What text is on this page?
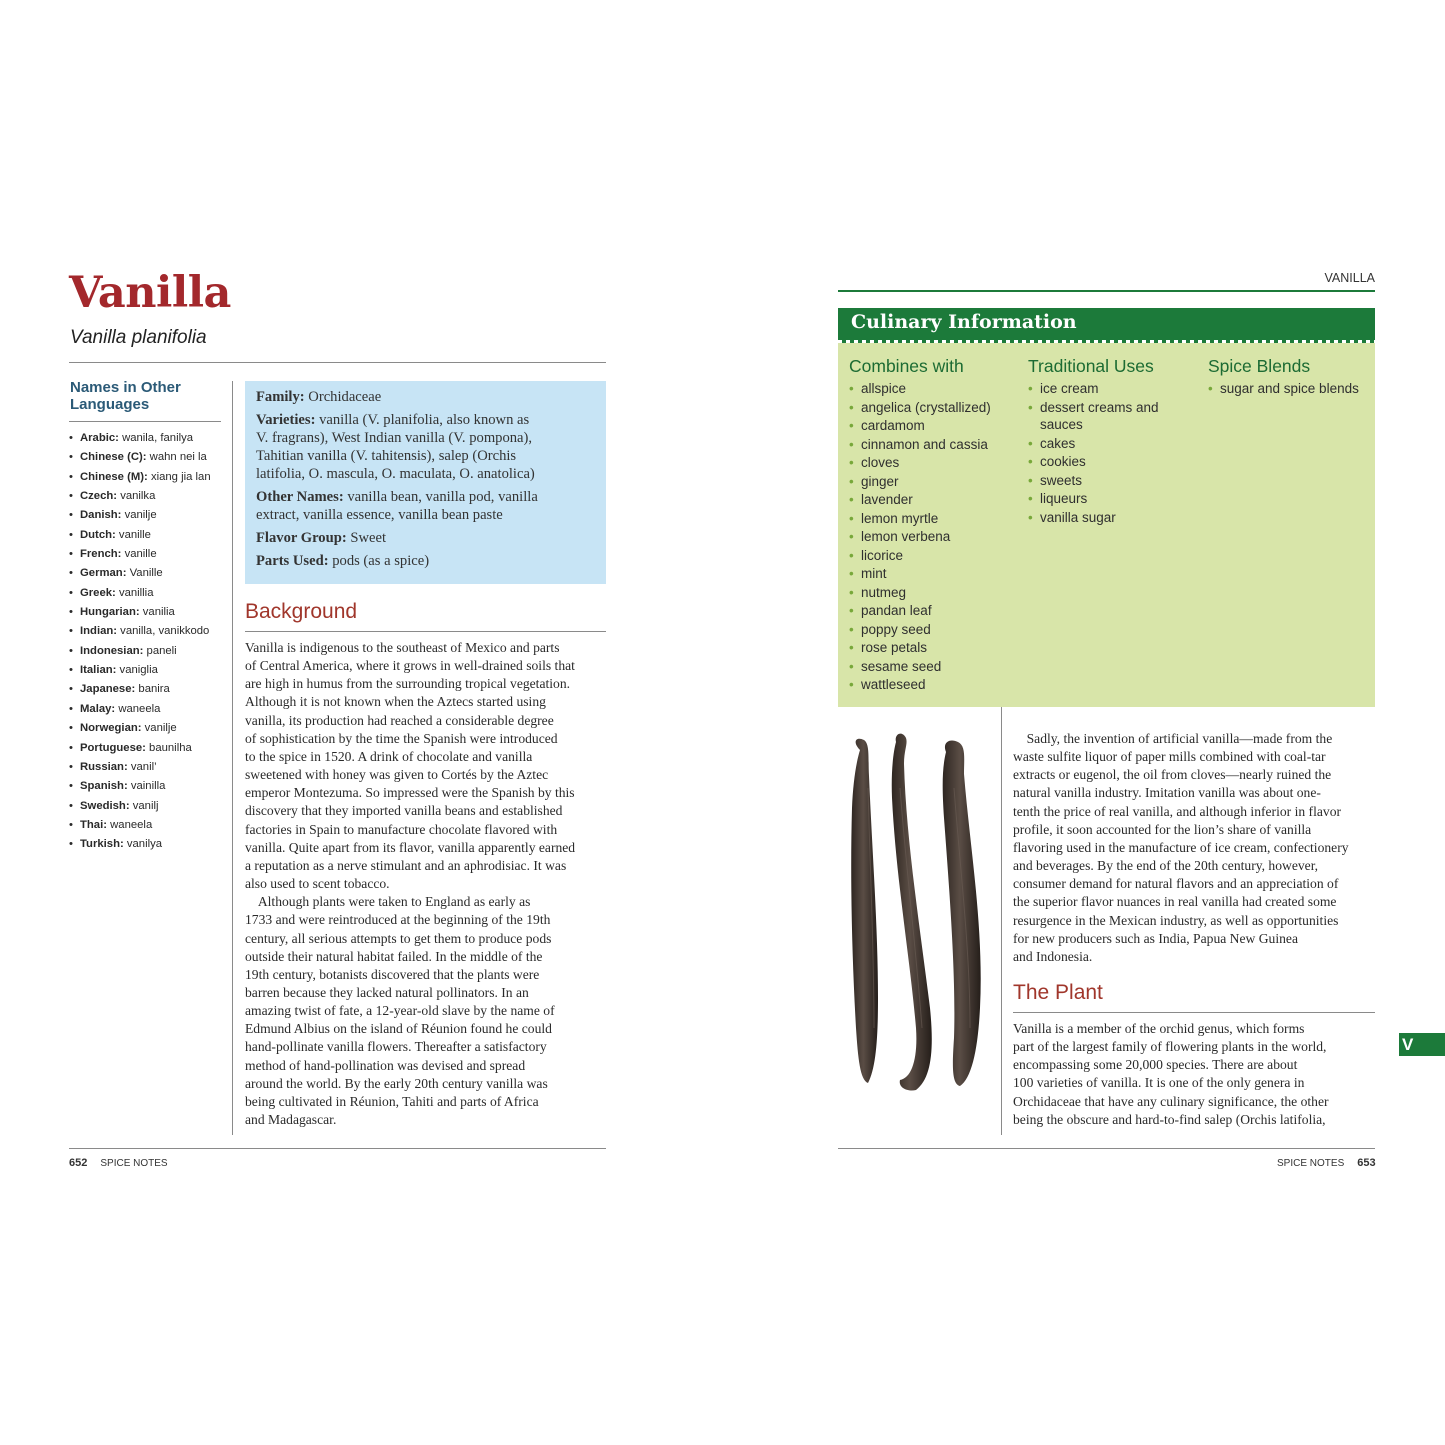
Vanilla
Vanilla planifolia
Names in Other Languages
• Arabic: wanila, fanilya
• Chinese (C): wahn nei la
• Chinese (M): xiang jia lan
• Czech: vanilka
• Danish: vanilje
• Dutch: vanille
• French: vanille
• German: Vanille
• Greek: vanillia
• Hungarian: vanilia
• Indian: vanilla, vanikkodo
• Indonesian: paneli
• Italian: vaniglia
• Japanese: banira
• Malay: waneela
• Norwegian: vanilje
• Portuguese: baunilha
• Russian: vanil’
• Spanish: vainilla
• Swedish: vanilj
• Thai: waneela
• Turkish: vanilya

Family: Orchidaceae

Varieties: vanilla (V. planifolia, also known as
V. fragrans), West Indian vanilla (V. pompona),
Tahitian vanilla (V. tahitensis), salep (Orchis
latifolia, O. mascula, O. maculata, O. anatolica)

Other Names: vanilla bean, vanilla pod, vanilla
extract, vanilla essence, vanilla bean paste

Flavor Group: Sweet

Parts Used: pods (as a spice)

Background
Vanilla is indigenous to the southeast of Mexico and parts
of Central America, where it grows in well-drained soils that
are high in humus from the surrounding tropical vegetation.
Although it is not known when the Aztecs started using
vanilla, its production had reached a considerable degree
of sophistication by the time the Spanish were introduced
to the spice in 1520. A drink of chocolate and vanilla
sweetened with honey was given to Cortés by the Aztec
emperor Montezuma. So impressed were the Spanish by this
discovery that they imported vanilla beans and established
factories in Spain to manufacture chocolate flavored with
vanilla. Quite apart from its flavor, vanilla apparently earned
a reputation as a nerve stimulant and an aphrodisiac. It was
also used to scent tobacco.
Although plants were taken to England as early as
1733 and were reintroduced at the beginning of the 19th
century, all serious attempts to get them to produce pods
outside their natural habitat failed. In the middle of the
19th century, botanists discovered that the plants were
barren because they lacked natural pollinators. In an
amazing twist of fate, a 12-year-old slave by the name of
Edmund Albius on the island of Réunion found he could
hand-pollinate vanilla flowers. Thereafter a satisfactory
method of hand-pollination was devised and spread
around the world. By the early 20th century vanilla was
being cultivated in Réunion, Tahiti and parts of Africa
and Madagascar.
652 SPICE NOTES
VANILLA
Culinary Information
Combines with
• allspice
• angelica (crystallized)
• cardamom
• cinnamon and cassia
• cloves
• ginger
• lavender
• lemon myrtle
• lemon verbena
• licorice
• mint
• nutmeg
• pandan leaf
• poppy seed
• rose petals
• sesame seed
• wattleseed
Traditional Uses
• ice cream
• dessert creams and sauces
• cakes
• cookies
• sweets
• liqueurs
• vanilla sugar
Spice Blends
• sugar and spice blends
Sadly, the invention of artificial vanilla—made from the
waste sulfite liquor of paper mills combined with coal-tar
extracts or eugenol, the oil from cloves—nearly ruined the
natural vanilla industry. Imitation vanilla was about one-
tenth the price of real vanilla, and although inferior in flavor
profile, it soon accounted for the lion’s share of vanilla
flavoring used in the manufacture of ice cream, confectionery
and beverages. By the end of the 20th century, however,
consumer demand for natural flavors and an appreciation of
the superior flavor nuances in real vanilla had created some
resurgence in the Mexican industry, as well as opportunities
for new producers such as India, Papua New Guinea
and Indonesia.
The Plant
Vanilla is a member of the orchid genus, which forms
part of the largest family of flowering plants in the world,
encompassing some 20,000 species. There are about
100 varieties of vanilla. It is one of the only genera in
Orchidaceae that have any culinary significance, the other
being the obscure and hard-to-find salep (Orchis latifolia,
V
SPICE NOTES 653
